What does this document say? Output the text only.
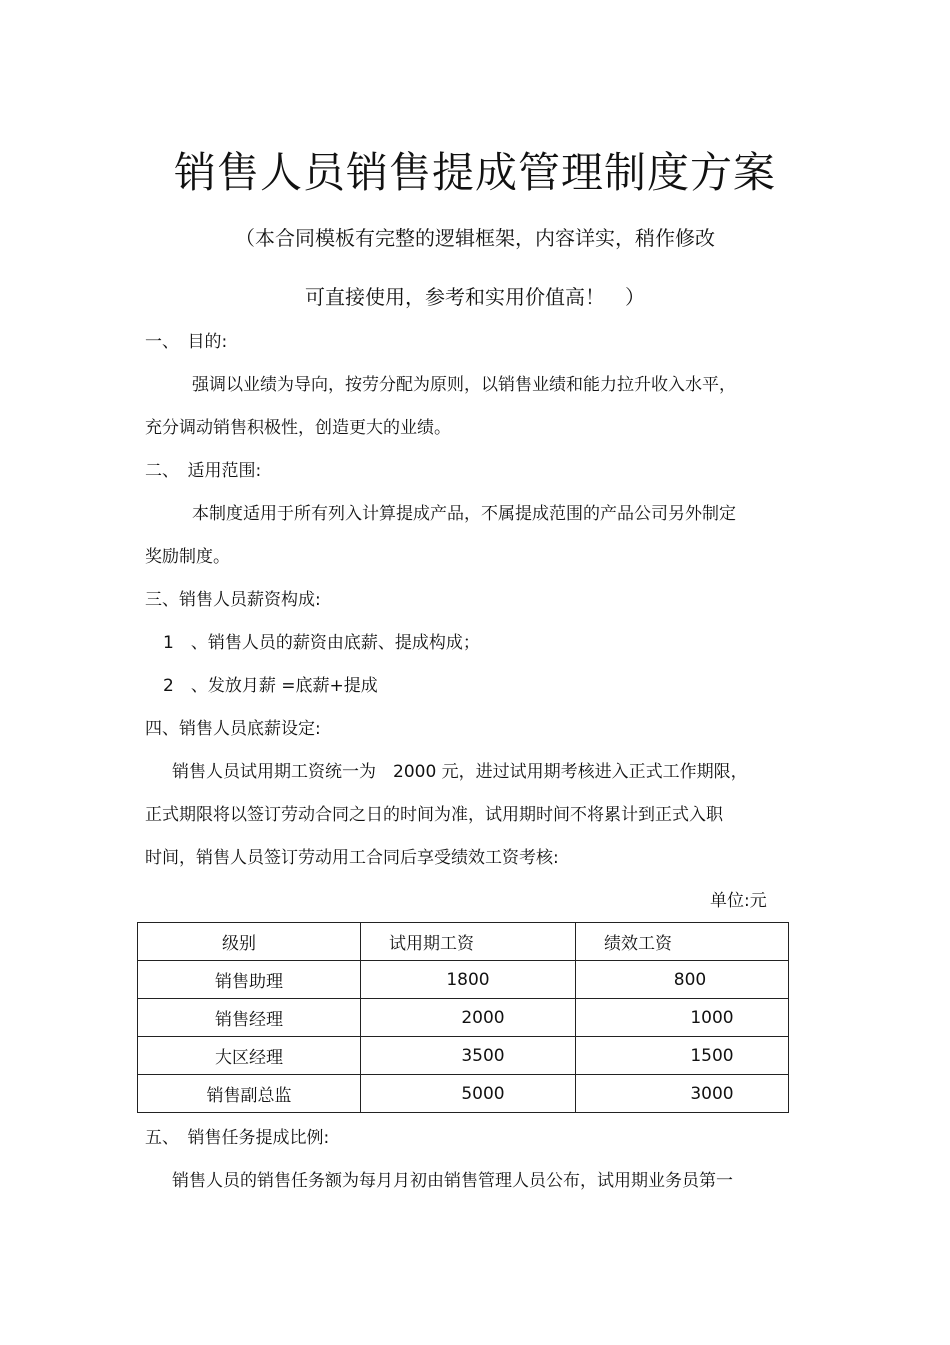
销售人员销售提成管理制度方案
（本合同模板有完整的逻辑框架，内容详实，稍作修改
可直接使用，参考和实用价值高！　）
一、　目的:
强调以业绩为导向，按劳分配为原则，以销售业绩和能力拉升收入水平，
充分调动销售积极性，创造更大的业绩。
二、　适用范围:
本制度适用于所有列入计算提成产品，不属提成范围的产品公司另外制定
奖励制度。
三、销售人员薪资构成:
1　、销售人员的薪资由底薪、提成构成；
2　、发放月薪 =底薪+提成
四、销售人员底薪设定:
销售人员试用期工资统一为　2000 元，进过试用期考核进入正式工作期限，
正式期限将以签订劳动合同之日的时间为准，试用期时间不将累计到正式入职
时间，销售人员签订劳动用工合同后享受绩效工资考核:
单位:元
级别	试用期工资	绩效工资

销售助理	1800	800

销售经理	2000	1000

大区经理	3500	1500

销售副总监	5000	3000
五、　销售任务提成比例:
销售人员的销售任务额为每月月初由销售管理人员公布，试用期业务员第一
